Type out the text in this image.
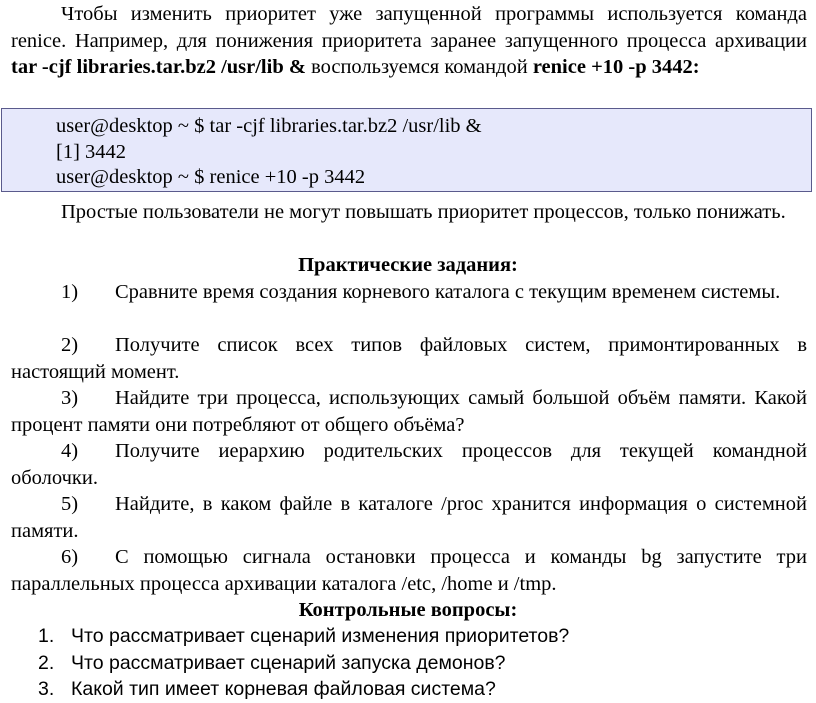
Чтобы изменить приоритет уже запущенной программы используется команда renice. Например, для понижения приоритета заранее запущенного процесса архивации tar -cjf libraries.tar.bz2 /usr/lib & воспользуемся командой renice +10 -p 3442:

user@desktop ~ $ tar -cjf libraries.tar.bz2 /usr/lib &
[1] 3442
user@desktop ~ $ renice +10 -p 3442

Простые пользователи не могут повышать приоритет процессов, только понижать.

Практические задания:

1) Сравните время создания корневого каталога с текущим временем системы.

2) Получите список всех типов файловых систем, примонтированных в настоящий момент.

3) Найдите три процесса, использующих самый большой объём памяти. Какой процент памяти они потребляют от общего объёма?

4) Получите иерархию родительских процессов для текущей командной оболочки.

5) Найдите, в каком файле в каталоге /proc хранится информация о системной памяти.

6) С помощью сигнала остановки процесса и команды bg запустите три параллельных процесса архивации каталога /etc, /home и /tmp.

Контрольные вопросы:

1. Что рассматривает сценарий изменения приоритетов?

2. Что рассматривает сценарий запуска демонов?

3. Какой тип имеет корневая файловая система?
